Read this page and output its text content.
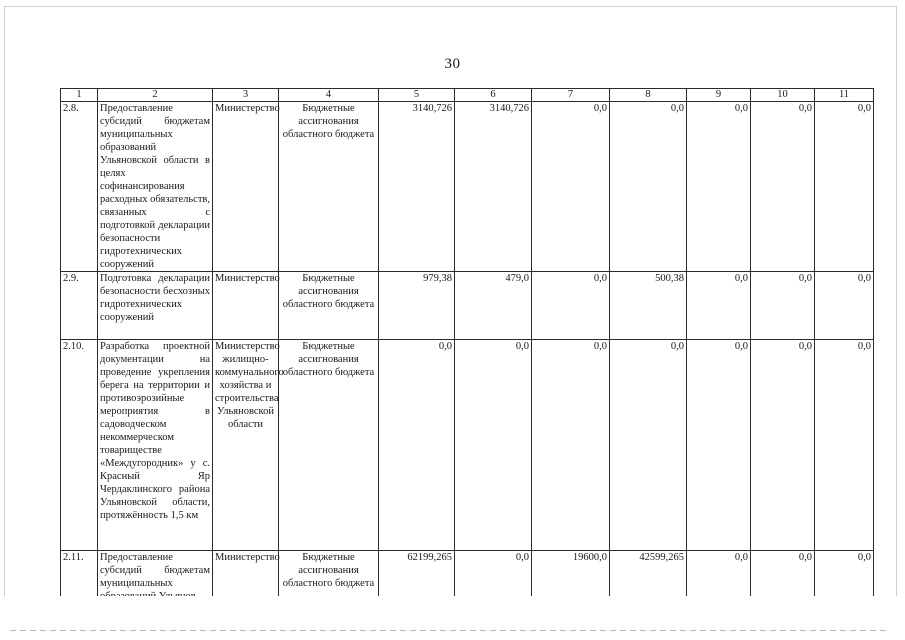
30
1	2	3	4	5	6	7	8	9	10	11
2.8.	Предоставление субсидий бюджетам муниципальных образований Ульяновской области в целях софинансирования расходных обязательств, связанных с подготовкой декларации безопасности гидротехнических сооружений	Министерство	Бюджетные ассигнования областного бюджета	3140,726	3140,726	0,0	0,0	0,0	0,0	0,0
2.9.	Подготовка декларации безопасности бесхозных гидротехнических сооружений	Министерство	Бюджетные ассигнования областного бюджета	979,38	479,0	0,0	500,38	0,0	0,0	0,0
2.10.	Разработка проектной документации на проведение укрепления берега на территории и противоэрозийные мероприятия в садоводческом некоммерческом товариществе «Междугородник» у с. Красный Яр Чердаклинского района Ульяновской области, протяжённость 1,5 км	Министерство жилищно-коммунального хозяйства и строительства Ульяновской области	Бюджетные ассигнования областного бюджета	0,0	0,0	0,0	0,0	0,0	0,0	0,0
2.11.	Предоставление субсидий бюджетам муниципальных	Министерство	Бюджетные ассигнования областного бюджета	62199,265	0,0	19600,0	42599,265	0,0	0,0	0,0
